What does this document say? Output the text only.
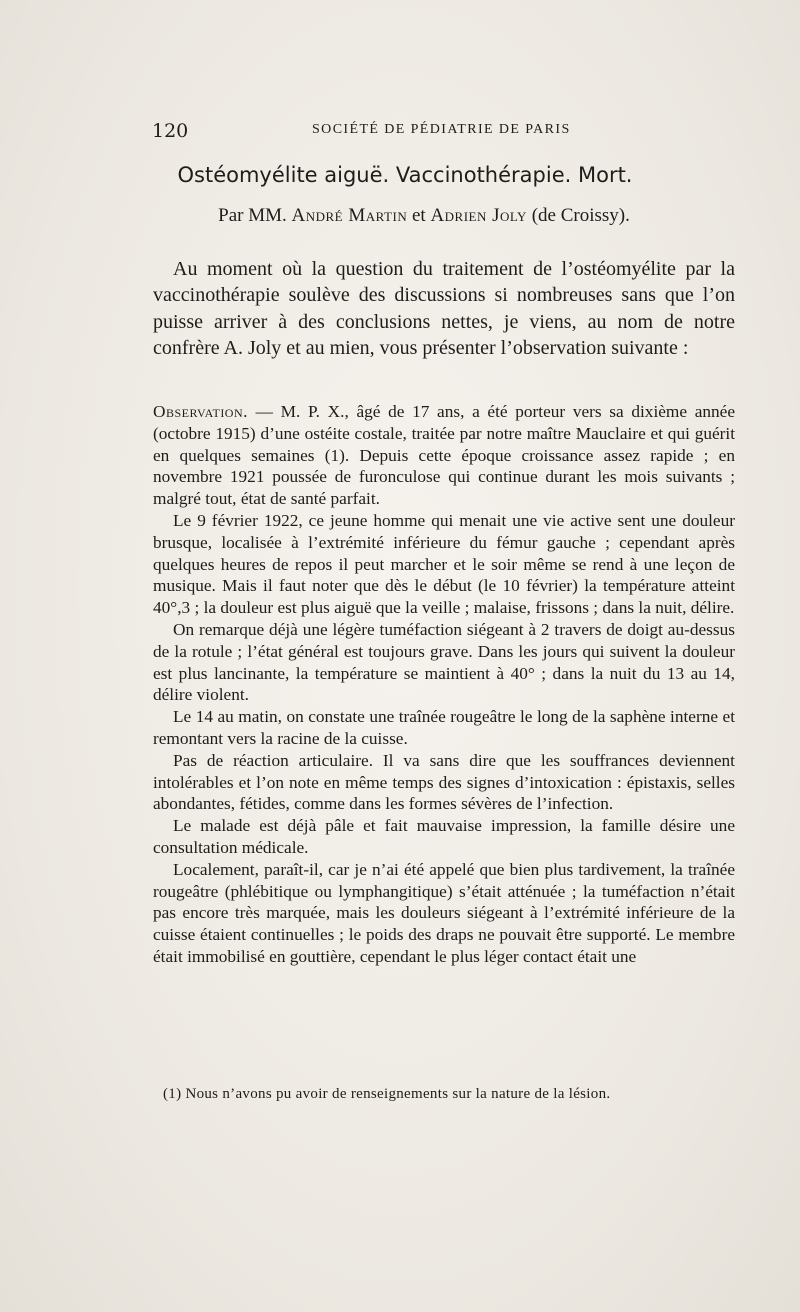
120	SOCIÉTÉ DE PÉDIATRIE DE PARIS
Ostéomyélite aiguë. Vaccinothérapie. Mort.
Par MM. André Martin et Adrien Joly (de Croissy).

Au moment où la question du traitement de l’ostéomyélite par la vaccinothérapie soulève des discussions si nombreuses sans que l’on puisse arriver à des conclusions nettes, je viens, au nom de notre confrère A. Joly et au mien, vous présenter l’observation suivante :

Observation. — M. P. X., âgé de 17 ans, a été porteur vers sa dixième année (octobre 1915) d’une ostéite costale, traitée par notre maître Mauclaire et qui guérit en quelques semaines (1). Depuis cette époque croissance assez rapide ; en novembre 1921 poussée de furonculose qui continue durant les mois suivants ; malgré tout, état de santé parfait.

Le 9 février 1922, ce jeune homme qui menait une vie active sent une douleur brusque, localisée à l’extrémité inférieure du fémur gauche ; cependant après quelques heures de repos il peut marcher et le soir même se rend à une leçon de musique. Mais il faut noter que dès le début (le 10 février) la température atteint 40°,3 ; la douleur est plus aiguë que la veille ; malaise, frissons ; dans la nuit, délire.

On remarque déjà une légère tuméfaction siégeant à 2 travers de doigt au-dessus de la rotule ; l’état général est toujours grave. Dans les jours qui suivent la douleur est plus lancinante, la température se maintient à 40° ; dans la nuit du 13 au 14, délire violent.

Le 14 au matin, on constate une traînée rougeâtre le long de la saphène interne et remontant vers la racine de la cuisse.

Pas de réaction articulaire. Il va sans dire que les souffrances deviennent intolérables et l’on note en même temps des signes d’intoxication : épistaxis, selles abondantes, fétides, comme dans les formes sévères de l’infection.

Le malade est déjà pâle et fait mauvaise impression, la famille désire une consultation médicale.

Localement, paraît-il, car je n’ai été appelé que bien plus tardivement, la traînée rougeâtre (phlébitique ou lymphangitique) s’était atténuée ; la tuméfaction n’était pas encore très marquée, mais les douleurs siégeant à l’extrémité inférieure de la cuisse étaient continuelles ; le poids des draps ne pouvait être supporté. Le membre était immobilisé en gouttière, cependant le plus léger contact était une

(1) Nous n’avons pu avoir de renseignements sur la nature de la lésion.
